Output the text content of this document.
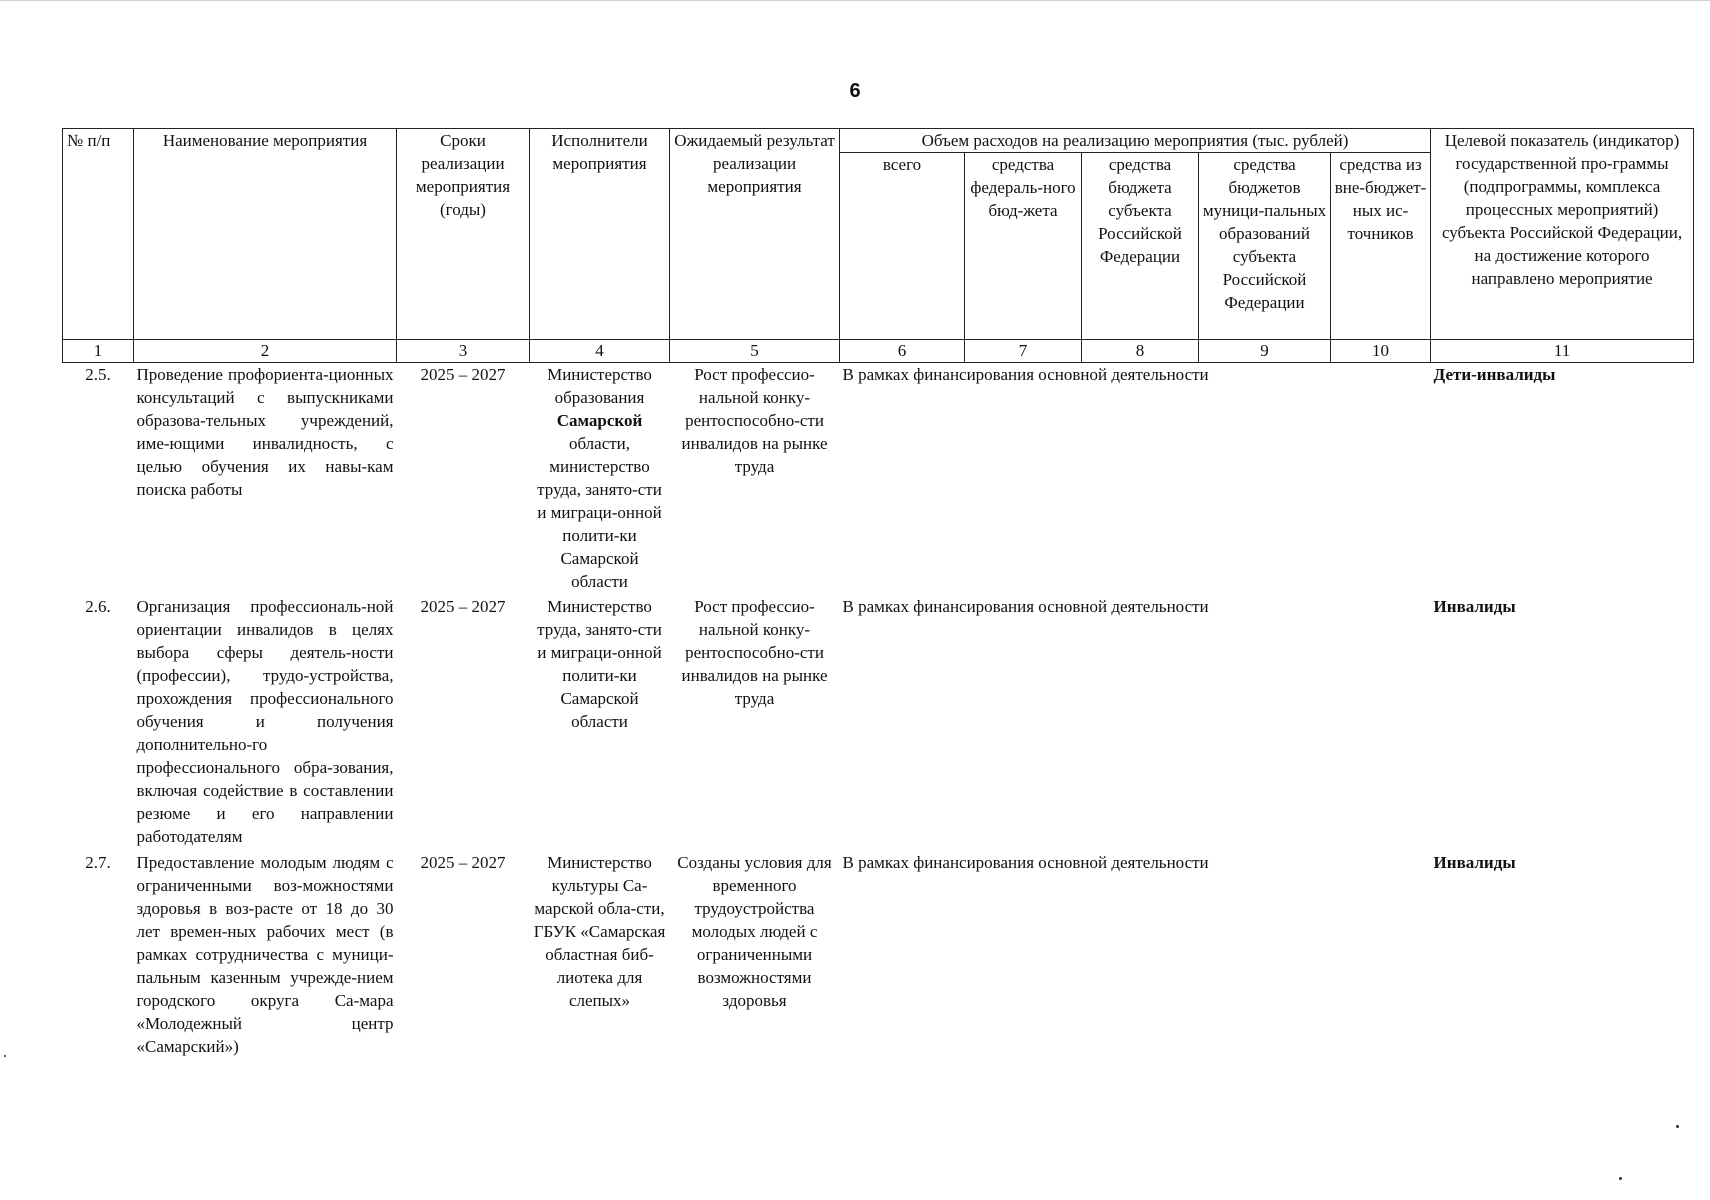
6
№ п/п	Наименование мероприятия	Сроки реализации мероприятия (годы)	Исполнители мероприятия	Ожидаемый результат реализации мероприятия	Объем расходов на реализацию мероприятия (тыс. рублей)					Целевой показатель (индикатор) государственной про-граммы (подпрограммы, комплекса процессных мероприятий) субъекта Российской Федерации, на достижение которого направлено мероприятие
					всего	средства федераль-ного бюд-жета	средства бюджета субъекта Российской Федерации	средства бюджетов муници-пальных образований субъекта Российской Федерации	средства из вне-бюджет-ных ис-точников	
1	2	3	4	5	6	7	8	9	10	11
2.5.	Проведение профориента-ционных консультаций с выпускниками образова-тельных учреждений, име-ющими инвалидность, с целью обучения их навы-кам поиска работы	2025 – 2027	Министерство образования Самарской области, министерство труда, занято-сти и миграци-онной полити-ки Самарской области	Рост профессио-нальной конку-рентоспособно-сти инвалидов на рынке труда	В рамках финансирования основной деятельности					Дети-инвалиды
2.6.	Организация профессиональ-ной ориентации инвалидов в целях выбора сферы деятель-ности (профессии), трудо-устройства, прохождения профессионального обучения и получения дополнительно-го профессионального обра-зования, включая содействие в составлении резюме и его направлении работодателям	2025 – 2027	Министерство труда, занято-сти и миграци-онной полити-ки Самарской области	Рост профессио-нальной конку-рентоспособно-сти инвалидов на рынке труда	В рамках финансирования основной деятельности					Инвалиды
2.7.	Предоставление молодым людям с ограниченными воз-можностями здоровья в воз-расте от 18 до 30 лет времен-ных рабочих мест (в рамках сотрудничества с муници-пальным казенным учрежде-нием городского округа Са-мара «Молодежный центр «Самарский»)	2025 – 2027	Министерство культуры Са-марской обла-сти, ГБУК «Самарская областная биб-лиотека для слепых»	Созданы условия для временного трудоустройства молодых людей с ограниченными возможностями здоровья	В рамках финансирования основной деятельности					Инвалиды
